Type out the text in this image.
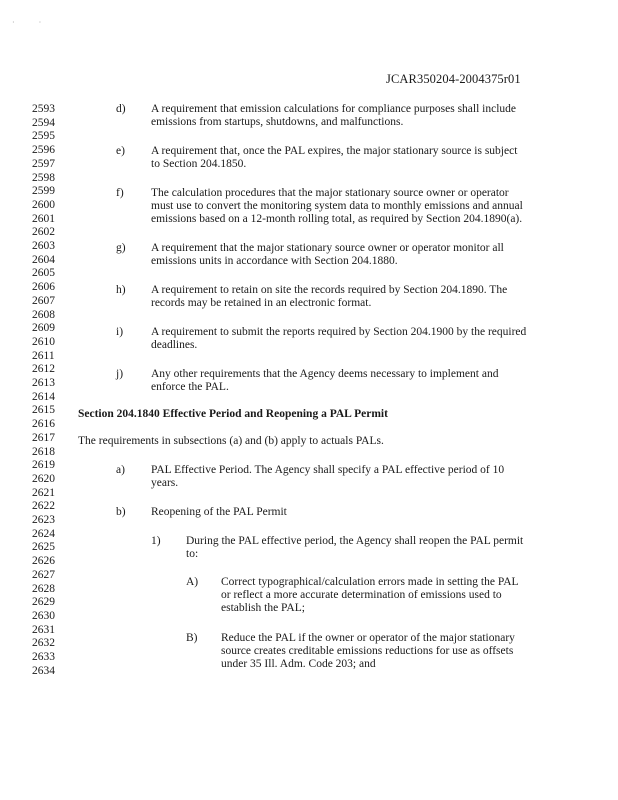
·            ·
JCAR350204-2004375r01
2593
2594
2595
2596
2597
2598
2599
2600
2601
2602
2603
2604
2605
2606
2607
2608
2609
2610
2611
2612
2613
2614
2615
2616
2617
2618
2619
2620
2621
2622
2623
2624
2625
2626
2627
2628
2629
2630
2631
2632
2633
2634
d) A requirement that emission calculations for compliance purposes shall include
emissions from startups, shutdowns, and malfunctions.
e) A requirement that, once the PAL expires, the major stationary source is subject
to Section 204.1850.
f) The calculation procedures that the major stationary source owner or operator
must use to convert the monitoring system data to monthly emissions and annual
emissions based on a 12-month rolling total, as required by Section 204.1890(a).
g) A requirement that the major stationary source owner or operator monitor all
emissions units in accordance with Section 204.1880.
h) A requirement to retain on site the records required by Section 204.1890. The
records may be retained in an electronic format.
i) A requirement to submit the reports required by Section 204.1900 by the required
deadlines.
j) Any other requirements that the Agency deems necessary to implement and
enforce the PAL.
Section 204.1840 Effective Period and Reopening a PAL Permit
The requirements in subsections (a) and (b) apply to actuals PALs.
a) PAL Effective Period. The Agency shall specify a PAL effective period of 10
years.
b) Reopening of the PAL Permit
1) During the PAL effective period, the Agency shall reopen the PAL permit
to:
A) Correct typographical/calculation errors made in setting the PAL
or reflect a more accurate determination of emissions used to
establish the PAL;
B) Reduce the PAL if the owner or operator of the major stationary
source creates creditable emissions reductions for use as offsets
under 35 Ill. Adm. Code 203; and
